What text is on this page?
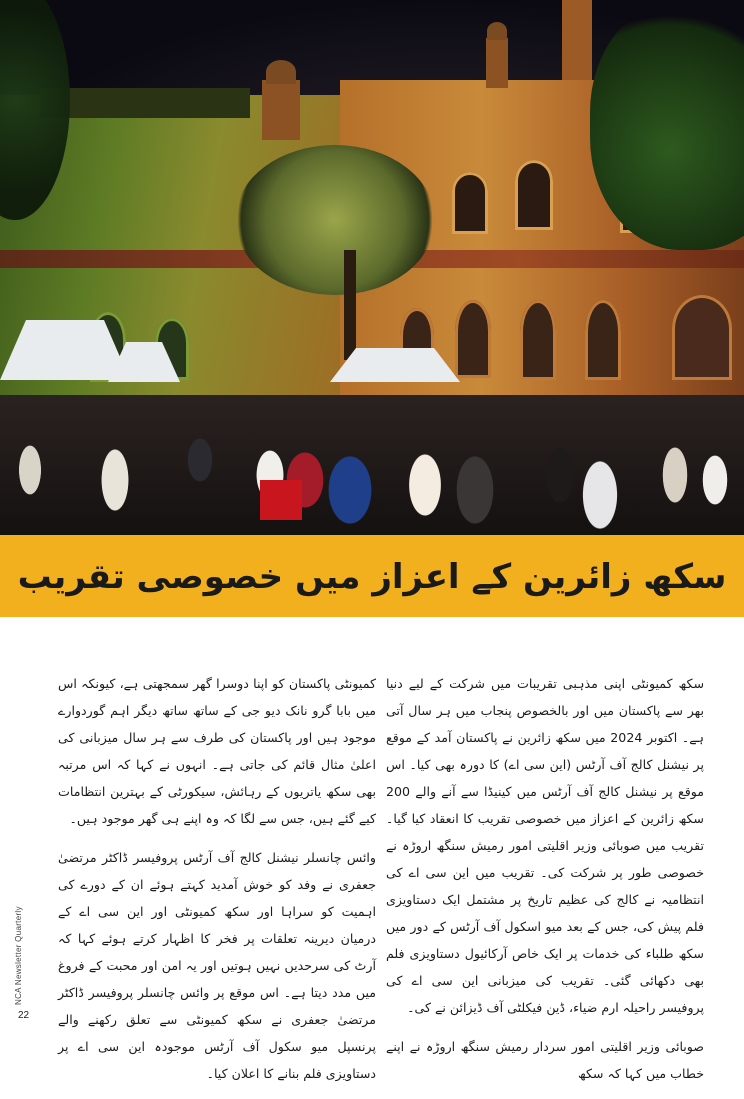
سکھ زائرین کے اعزاز میں خصوصی تقریب

سکھ کمیونٹی اپنی مذہبی تقریبات میں شرکت کے لیے دنیا بھر سے پاکستان میں اور بالخصوص پنجاب میں ہر سال آتی ہے۔ اکتوبر 2024 میں سکھ زائرین نے پاکستان آمد کے موقع پر نیشنل کالج آف آرٹس (این سی اے) کا دورہ بھی کیا۔ اس موقع پر نیشنل کالج آف آرٹس میں کینیڈا سے آنے والے 200 سکھ زائرین کے اعزاز میں خصوصی تقریب کا انعقاد کیا گیا۔ تقریب میں صوبائی وزیر اقلیتی امور رمیش سنگھ اروڑہ نے خصوصی طور پر شرکت کی۔ تقریب میں این سی اے کی انتظامیہ نے کالج کی عظیم تاریخ پر مشتمل ایک دستاویزی فلم پیش کی، جس کے بعد میو اسکول آف آرٹس کے دور میں سکھ طلباء کی خدمات پر ایک خاص آرکائیول دستاویزی فلم بھی دکھائی گئی۔ تقریب کی میزبانی این سی اے کی پروفیسر راحیلہ ارم ضیاء، ڈین فیکلٹی آف ڈیزائن نے کی۔

صوبائی وزیر اقلیتی امور سردار رمیش سنگھ اروڑہ نے اپنے خطاب میں کہا کہ سکھ

کمیونٹی پاکستان کو اپنا دوسرا گھر سمجھتی ہے، کیونکہ اس میں بابا گرو نانک دیو جی کے ساتھ ساتھ دیگر اہم گوردوارے موجود ہیں اور پاکستان کی طرف سے ہر سال میزبانی کی اعلیٰ مثال قائم کی جاتی ہے۔ انہوں نے کہا کہ اس مرتبہ بھی سکھ یاتریوں کے رہائش، سیکورٹی کے بہترین انتظامات کیے گئے ہیں، جس سے لگا کہ وہ اپنے ہی گھر موجود ہیں۔

وائس چانسلر نیشنل کالج آف آرٹس پروفیسر ڈاکٹر مرتضیٰ جعفری نے وفد کو خوش آمدید کہتے ہوئے ان کے دورے کی اہمیت کو سراہا اور سکھ کمیونٹی اور این سی اے کے درمیان دیرینہ تعلقات پر فخر کا اظہار کرتے ہوئے کہا کہ آرٹ کی سرحدیں نہیں ہوتیں اور یہ امن اور محبت کے فروغ میں مدد دیتا ہے۔ اس موقع پر وائس چانسلر پروفیسر ڈاکٹر مرتضیٰ جعفری نے سکھ کمیونٹی سے تعلق رکھنے والے پرنسپل میو سکول آف آرٹس موجودہ این سی اے پر دستاویزی فلم بنانے کا اعلان کیا۔

NCA Newsletter Quarterly
22
